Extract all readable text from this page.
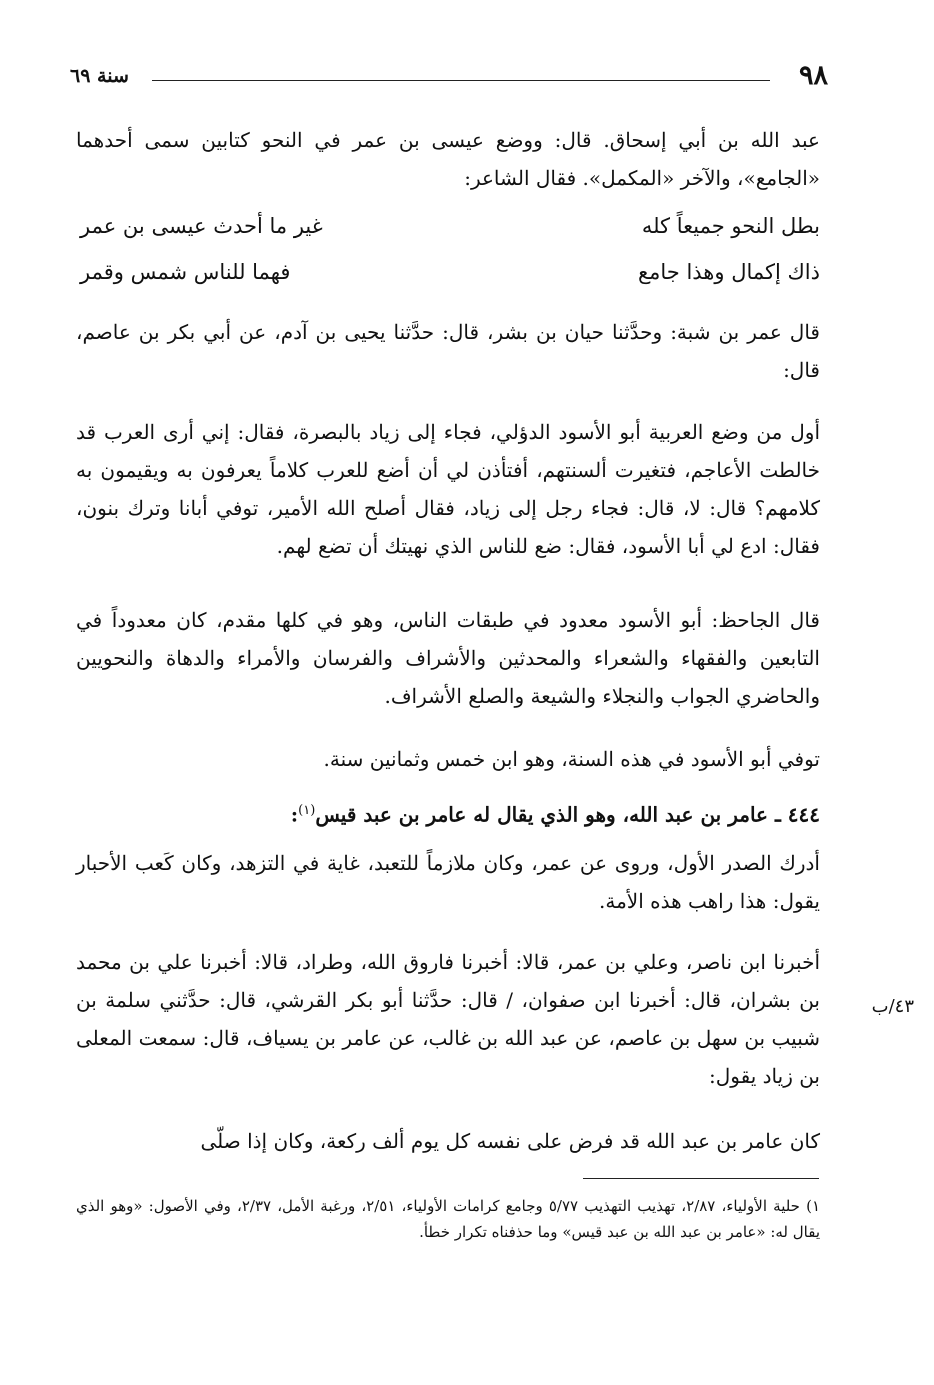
٩٨
سنة ٦٩

عبد الله بن أبي إسحاق. قال: ووضع عيسى بن عمر في النحو كتابين سمى أحدهما «الجامع»، والآخر «المكمل». فقال الشاعر:

بطل النحو جميعاً كله
غير ما أحدث عيسى بن عمر
ذاك إكمال وهذا جامع
فهما للناس شمس وقمر

قال عمر بن شبة: وحدَّثنا حيان بن بشر، قال: حدَّثنا يحيى بن آدم، عن أبي بكر بن عاصم، قال:

أول من وضع العربية أبو الأسود الدؤلي، فجاء إلى زياد بالبصرة، فقال: إني أرى العرب قد خالطت الأعاجم، فتغيرت ألسنتهم، أفتأذن لي أن أضع للعرب كلاماً يعرفون به ويقيمون به كلامهم؟ قال: لا، قال: فجاء رجل إلى زياد، فقال أصلح الله الأمير، توفي أبانا وترك بنون، فقال: ادع لي أبا الأسود، فقال: ضع للناس الذي نهيتك أن تضع لهم.

قال الجاحظ: أبو الأسود معدود في طبقات الناس، وهو في كلها مقدم، كان معدوداً في التابعين والفقهاء والشعراء والمحدثين والأشراف والفرسان والأمراء والدهاة والنحويين والحاضري الجواب والنجلاء والشيعة والصلع الأشراف.

توفي أبو الأسود في هذه السنة، وهو ابن خمس وثمانين سنة.

٤٤٤ ـ عامر بن عبد الله، وهو الذي يقال له عامر بن عبد قيس$^{(١)}$:

أدرك الصدر الأول، وروى عن عمر، وكان ملازماً للتعبد، غاية في التزهد، وكان كَعب الأحبار يقول: هذا راهب هذه الأمة.

أخبرنا ابن ناصر، وعلي بن عمر، قالا: أخبرنا فاروق الله، وطراد، قالا: أخبرنا علي بن محمد بن بشران، قال: أخبرنا ابن صفوان، / قال: حدَّثنا أبو بكر القرشي، قال: حدَّثني سلمة بن شبيب بن سهل بن عاصم، عن عبد الله بن غالب، عن عامر بن يسياف، قال: سمعت المعلى بن زياد يقول:

٤٣/ب

كان عامر بن عبد الله قد فرض على نفسه كل يوم ألف ركعة، وكان إذا صلّى

١) حلية الأولياء، ٢/٨٧، تهذيب التهذيب ٥/٧٧ وجامع كرامات الأولياء، ٢/٥١، ورغبة الأمل، ٢/٣٧، وفي الأصول: «وهو الذي يقال له: «عامر بن عبد الله بن عبد قيس» وما حذفناه تكرار خطأ.
